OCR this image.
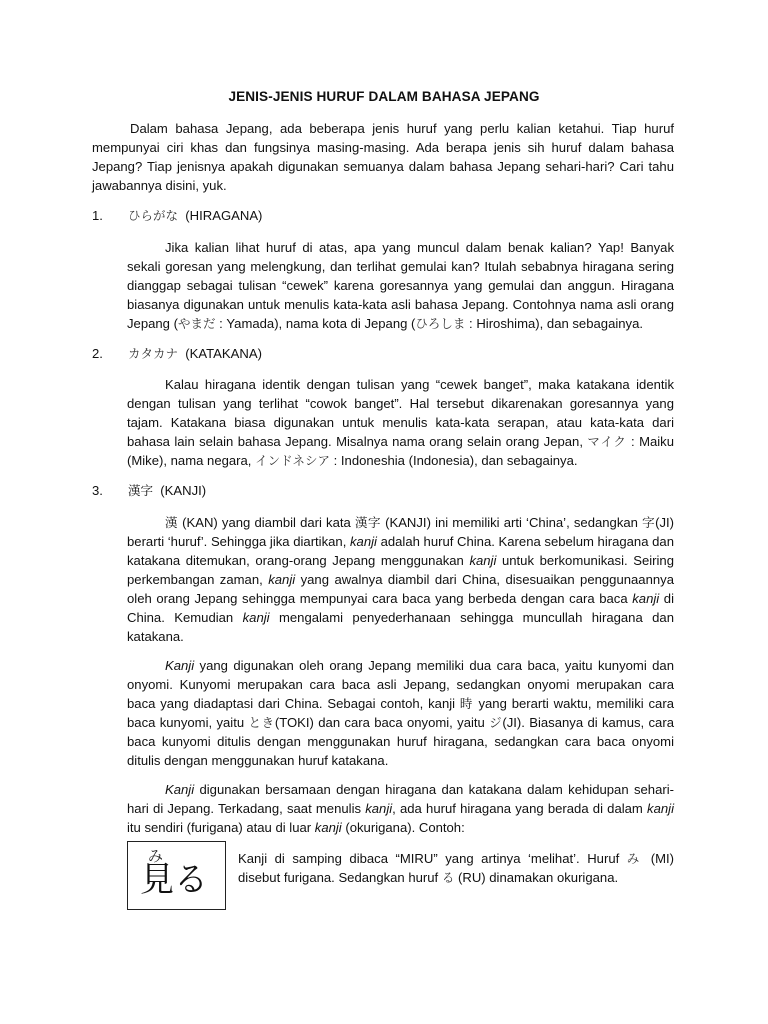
JENIS-JENIS HURUF DALAM BAHASA JEPANG

Dalam bahasa Jepang, ada beberapa jenis huruf yang perlu kalian ketahui. Tiap huruf mempunyai ciri khas dan fungsinya masing-masing. Ada berapa jenis sih huruf dalam bahasa Jepang? Tiap jenisnya apakah digunakan semuanya dalam bahasa Jepang sehari-hari? Cari tahu jawabannya disini, yuk.

1. ひらがな (HIRAGANA)

Jika kalian lihat huruf di atas, apa yang muncul dalam benak kalian? Yap! Banyak sekali goresan yang melengkung, dan terlihat gemulai kan? Itulah sebabnya hiragana sering dianggap sebagai tulisan “cewek” karena goresannya yang gemulai dan anggun. Hiragana biasanya digunakan untuk menulis kata-kata asli bahasa Jepang. Contohnya nama asli orang Jepang (やまだ : Yamada), nama kota di Jepang (ひろしま : Hiroshima), dan sebagainya.

2. カタカナ (KATAKANA)

Kalau hiragana identik dengan tulisan yang “cewek banget”, maka katakana identik dengan tulisan yang terlihat “cowok banget”. Hal tersebut dikarenakan goresannya yang tajam. Katakana biasa digunakan untuk menulis kata-kata serapan, atau kata-kata dari bahasa lain selain bahasa Jepang. Misalnya nama orang selain orang Jepan, マイク : Maiku (Mike), nama negara, インドネシア : Indoneshia (Indonesia), dan sebagainya.

3. 漢字 (KANJI)

漢 (KAN) yang diambil dari kata 漢字 (KANJI) ini memiliki arti ‘China’, sedangkan 字(JI) berarti ‘huruf’. Sehingga jika diartikan, kanji adalah huruf China. Karena sebelum hiragana dan katakana ditemukan, orang-orang Jepang menggunakan kanji untuk berkomunikasi. Seiring perkembangan zaman, kanji yang awalnya diambil dari China, disesuaikan penggunaannya oleh orang Jepang sehingga mempunyai cara baca yang berbeda dengan cara baca kanji di China. Kemudian kanji mengalami penyederhanaan sehingga muncullah hiragana dan katakana.

Kanji yang digunakan oleh orang Jepang memiliki dua cara baca, yaitu kunyomi dan onyomi. Kunyomi merupakan cara baca asli Jepang, sedangkan onyomi merupakan cara baca yang diadaptasi dari China. Sebagai contoh, kanji 時 yang berarti waktu, memiliki cara baca kunyomi, yaitu とき(TOKI) dan cara baca onyomi, yaitu ジ(JI). Biasanya di kamus, cara baca kunyomi ditulis dengan menggunakan huruf hiragana, sedangkan cara baca onyomi ditulis dengan menggunakan huruf katakana.

Kanji digunakan bersamaan dengan hiragana dan katakana dalam kehidupan sehari-hari di Jepang. Terkadang, saat menulis kanji, ada huruf hiragana yang berada di dalam kanji itu sendiri (furigana) atau di luar kanji (okurigana). Contoh:

み
見る

Kanji di samping dibaca “MIRU” yang artinya ‘melihat’. Huruf み (MI) disebut furigana. Sedangkan huruf る (RU) dinamakan okurigana.
